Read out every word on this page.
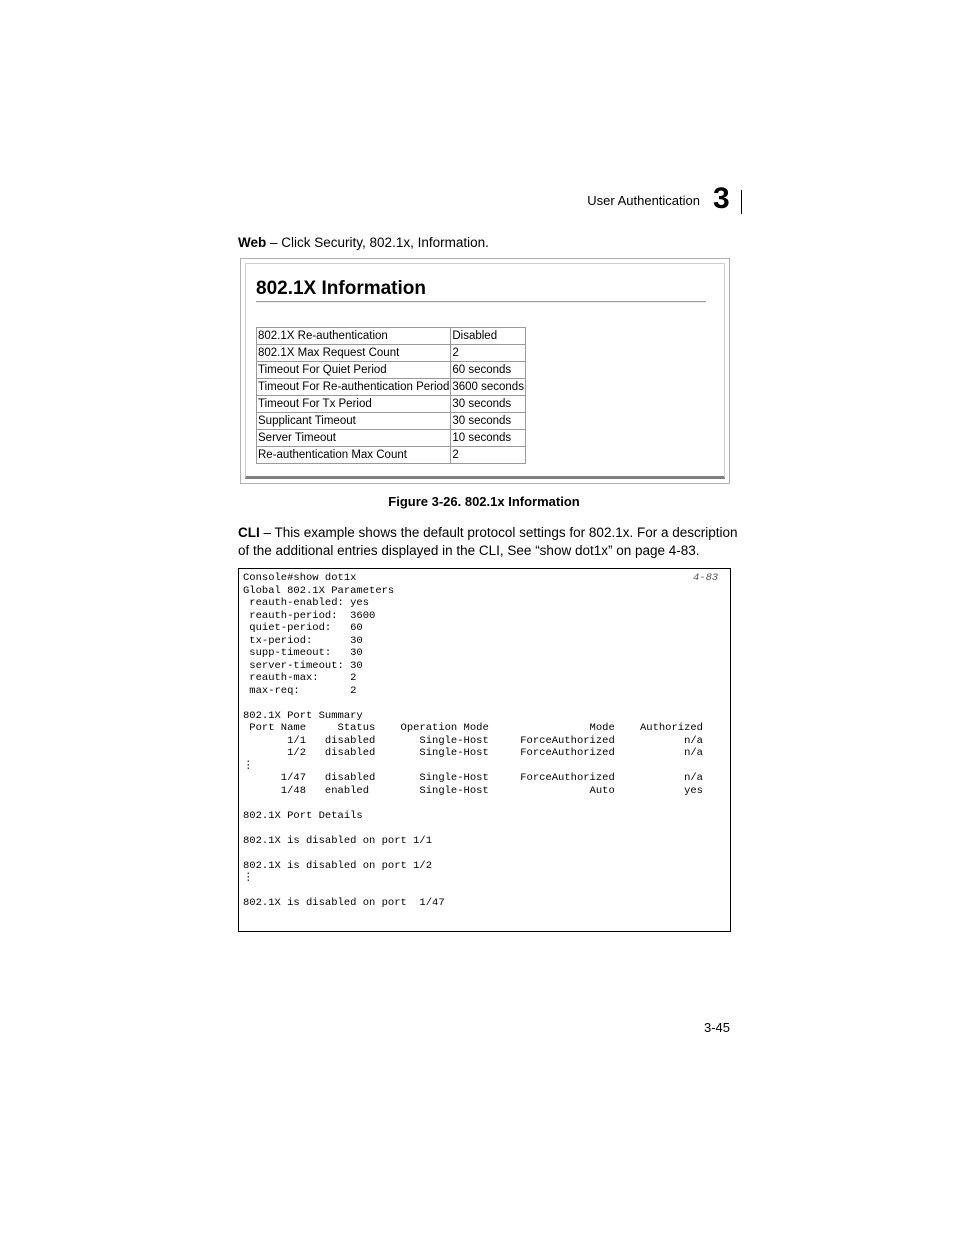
User Authentication 3
Web – Click Security, 802.1x, Information.
802.1X Information
802.1X Re-authentication	Disabled
802.1X Max Request Count	2
Timeout For Quiet Period	60 seconds
Timeout For Re-authentication Period	3600 seconds
Timeout For Tx Period	30 seconds
Supplicant Timeout	30 seconds
Server Timeout	10 seconds
Re-authentication Max Count	2
Figure 3-26. 802.1x Information
CLI – This example shows the default protocol settings for 802.1x. For a description
of the additional entries displayed in the CLI, See “show dot1x” on page 4-83.
Console#show dot1x	4-83
Global 802.1X Parameters
reauth-enabled: yes
reauth-period:  3600
quiet-period:   60
tx-period:      30
supp-timeout:   30
server-timeout: 30
reauth-max:     2
max-req:        2
802.1X Port Summary
Port Name     Status    Operation Mode                Mode    Authorized
1/1   disabled       Single-Host     ForceAuthorized           n/a
1/2   disabled       Single-Host     ForceAuthorized           n/a
⋮
1/47   disabled       Single-Host     ForceAuthorized           n/a
1/48   enabled        Single-Host                Auto           yes
802.1X Port Details
802.1X is disabled on port 1/1
802.1X is disabled on port 1/2
⋮
802.1X is disabled on port  1/47
3-45
